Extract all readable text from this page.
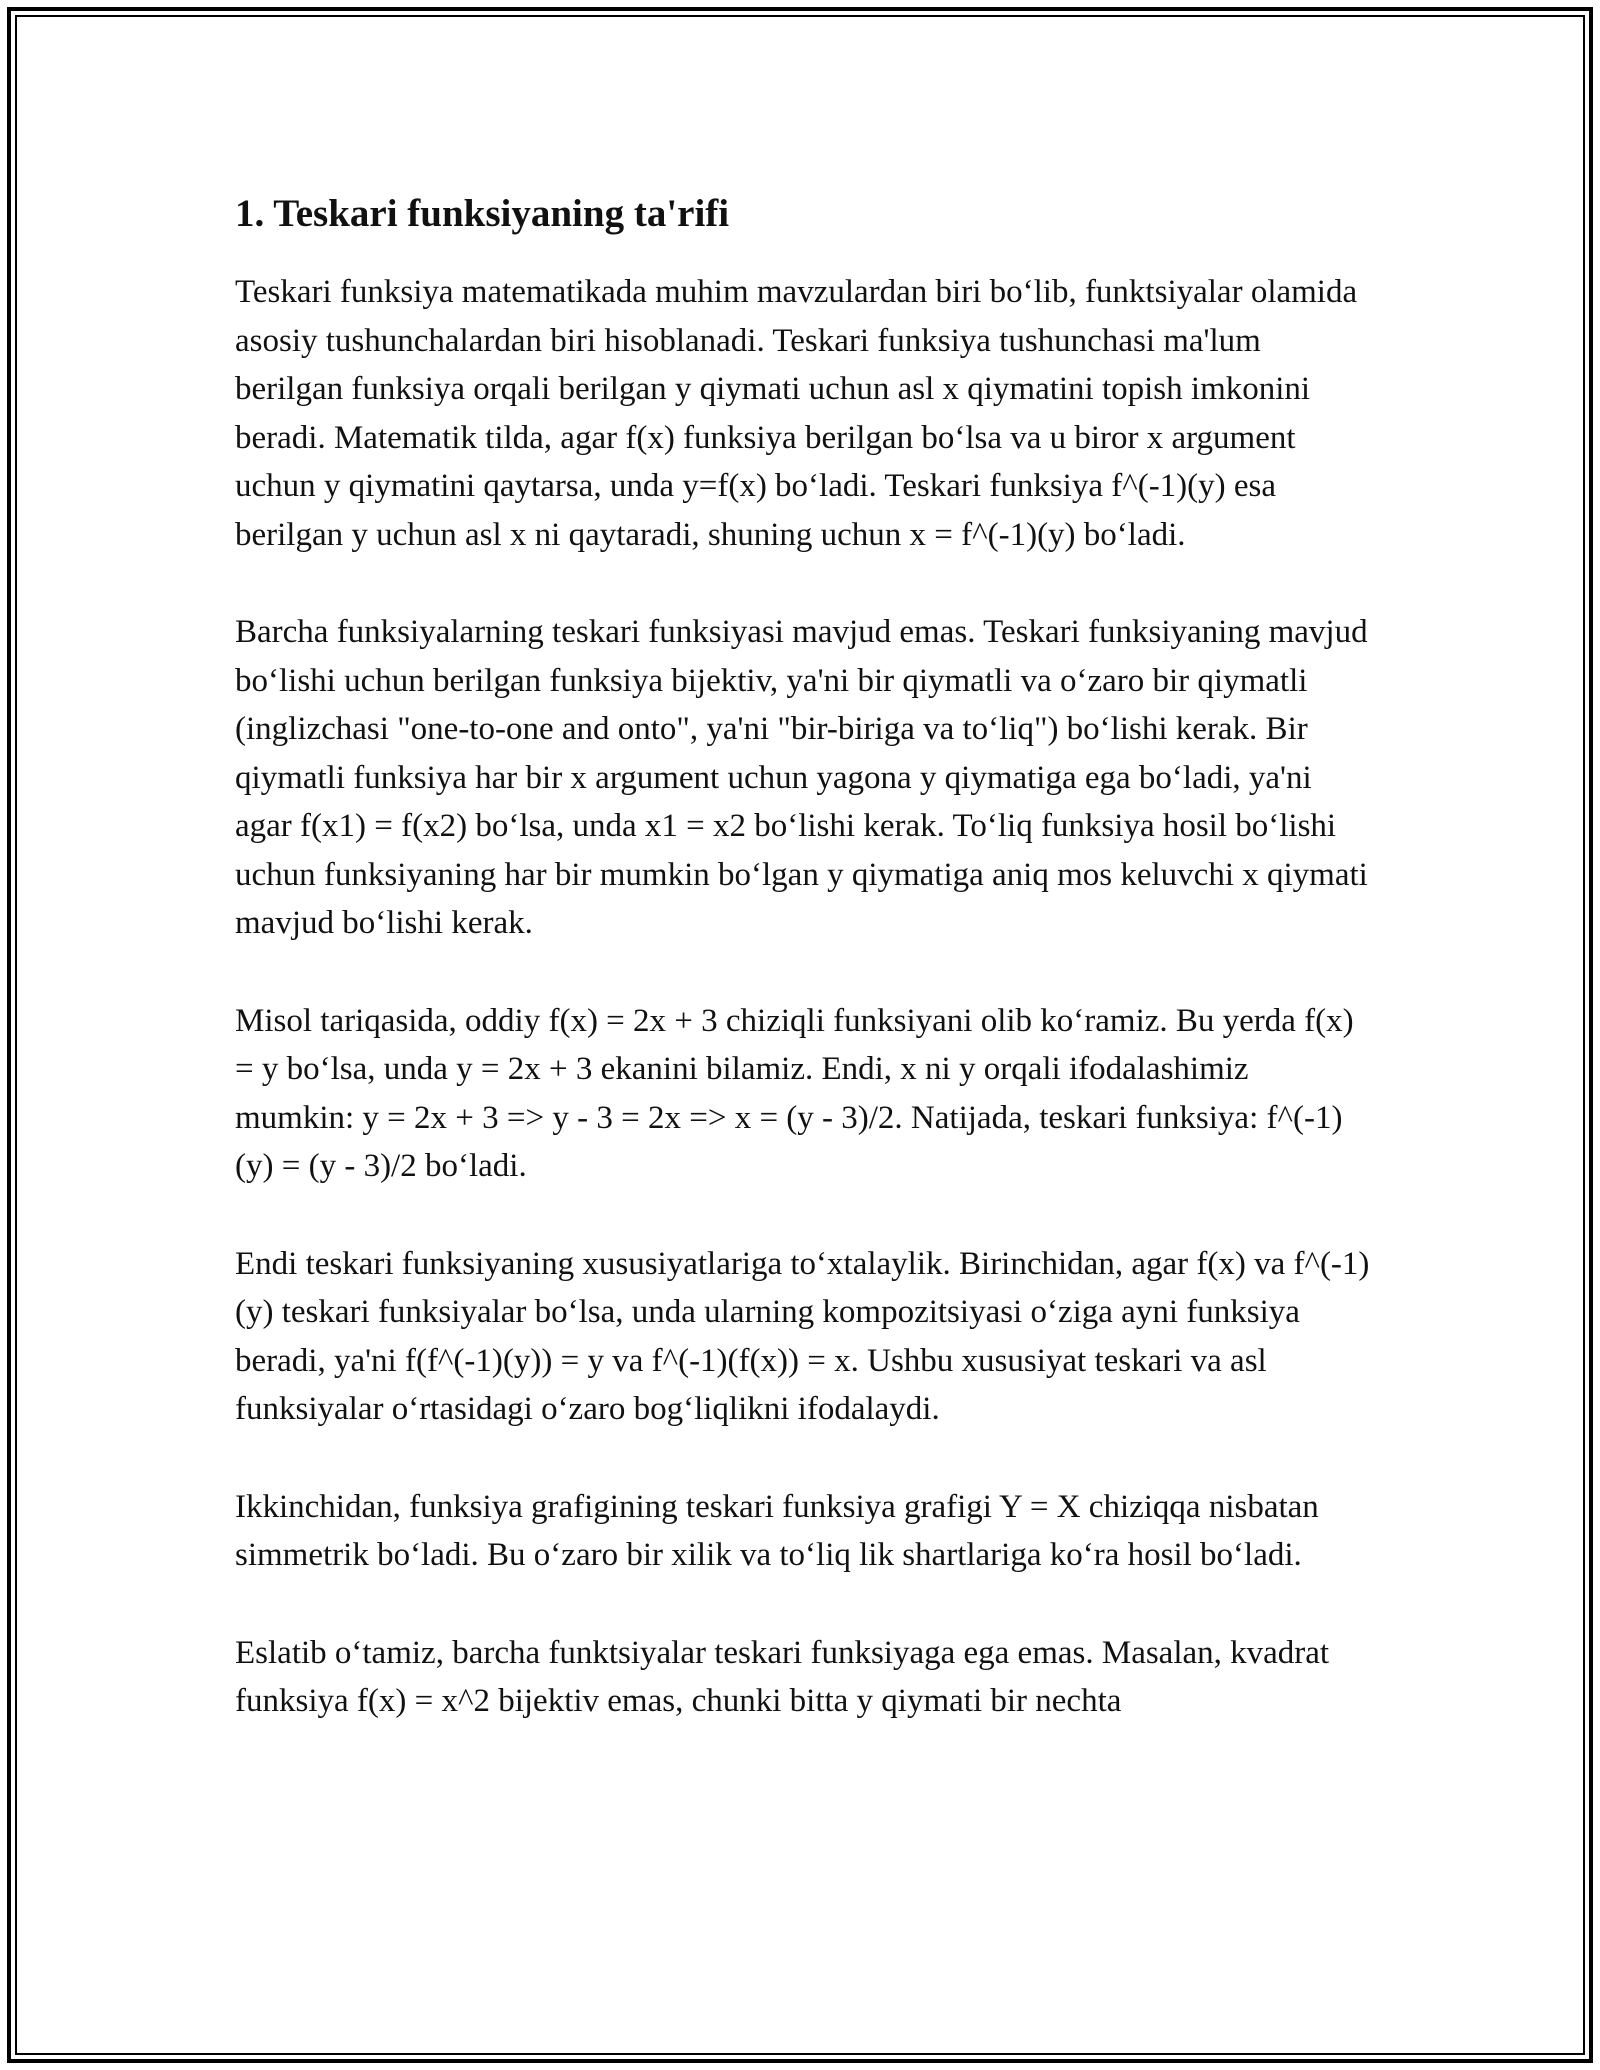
1. Teskari funksiyaning ta'rifi

Teskari funksiya matematikada muhim mavzulardan biri bo‘lib, funktsiyalar olamida asosiy tushunchalardan biri hisoblanadi. Teskari funksiya tushunchasi ma'lum berilgan funksiya orqali berilgan y qiymati uchun asl x qiymatini topish imkonini beradi. Matematik tilda, agar f(x) funksiya berilgan bo‘lsa va u biror x argument uchun y qiymatini qaytarsa, unda y=f(x) bo‘ladi. Teskari funksiya f^(-1)(y) esa berilgan y uchun asl x ni qaytaradi, shuning uchun x = f^(-1)(y) bo‘ladi.

Barcha funksiyalarning teskari funksiyasi mavjud emas. Teskari funksiyaning mavjud bo‘lishi uchun berilgan funksiya bijektiv, ya'ni bir qiymatli va o‘zaro bir qiymatli (inglizchasi "one-to-one and onto", ya'ni "bir-biriga va to‘liq") bo‘lishi kerak. Bir qiymatli funksiya har bir x argument uchun yagona y qiymatiga ega bo‘ladi, ya'ni agar f(x1) = f(x2) bo‘lsa, unda x1 = x2 bo‘lishi kerak. To‘liq funksiya hosil bo‘lishi uchun funksiyaning har bir mumkin bo‘lgan y qiymatiga aniq mos keluvchi x qiymati mavjud bo‘lishi kerak.

Misol tariqasida, oddiy f(x) = 2x + 3 chiziqli funksiyani olib ko‘ramiz. Bu yerda f(x) = y bo‘lsa, unda y = 2x + 3 ekanini bilamiz. Endi, x ni y orqali ifodalashimiz mumkin: y = 2x + 3 => y - 3 = 2x => x = (y - 3)/2. Natijada, teskari funksiya: f^(-1)(y) = (y - 3)/2 bo‘ladi.

Endi teskari funksiyaning xususiyatlariga to‘xtalaylik. Birinchidan, agar f(x) va f^(-1)(y) teskari funksiyalar bo‘lsa, unda ularning kompozitsiyasi o‘ziga ayni funksiya beradi, ya'ni f(f^(-1)(y)) = y va f^(-1)(f(x)) = x. Ushbu xususiyat teskari va asl funksiyalar o‘rtasidagi o‘zaro bog‘liqlikni ifodalaydi.

Ikkinchidan, funksiya grafigining teskari funksiya grafigi Y = X chiziqqa nisbatan simmetrik bo‘ladi. Bu o‘zaro bir xilik va to‘liq lik shartlariga ko‘ra hosil bo‘ladi.

Eslatib o‘tamiz, barcha funktsiyalar teskari funksiyaga ega emas. Masalan, kvadrat funksiya f(x) = x^2 bijektiv emas, chunki bitta y qiymati bir nechta
